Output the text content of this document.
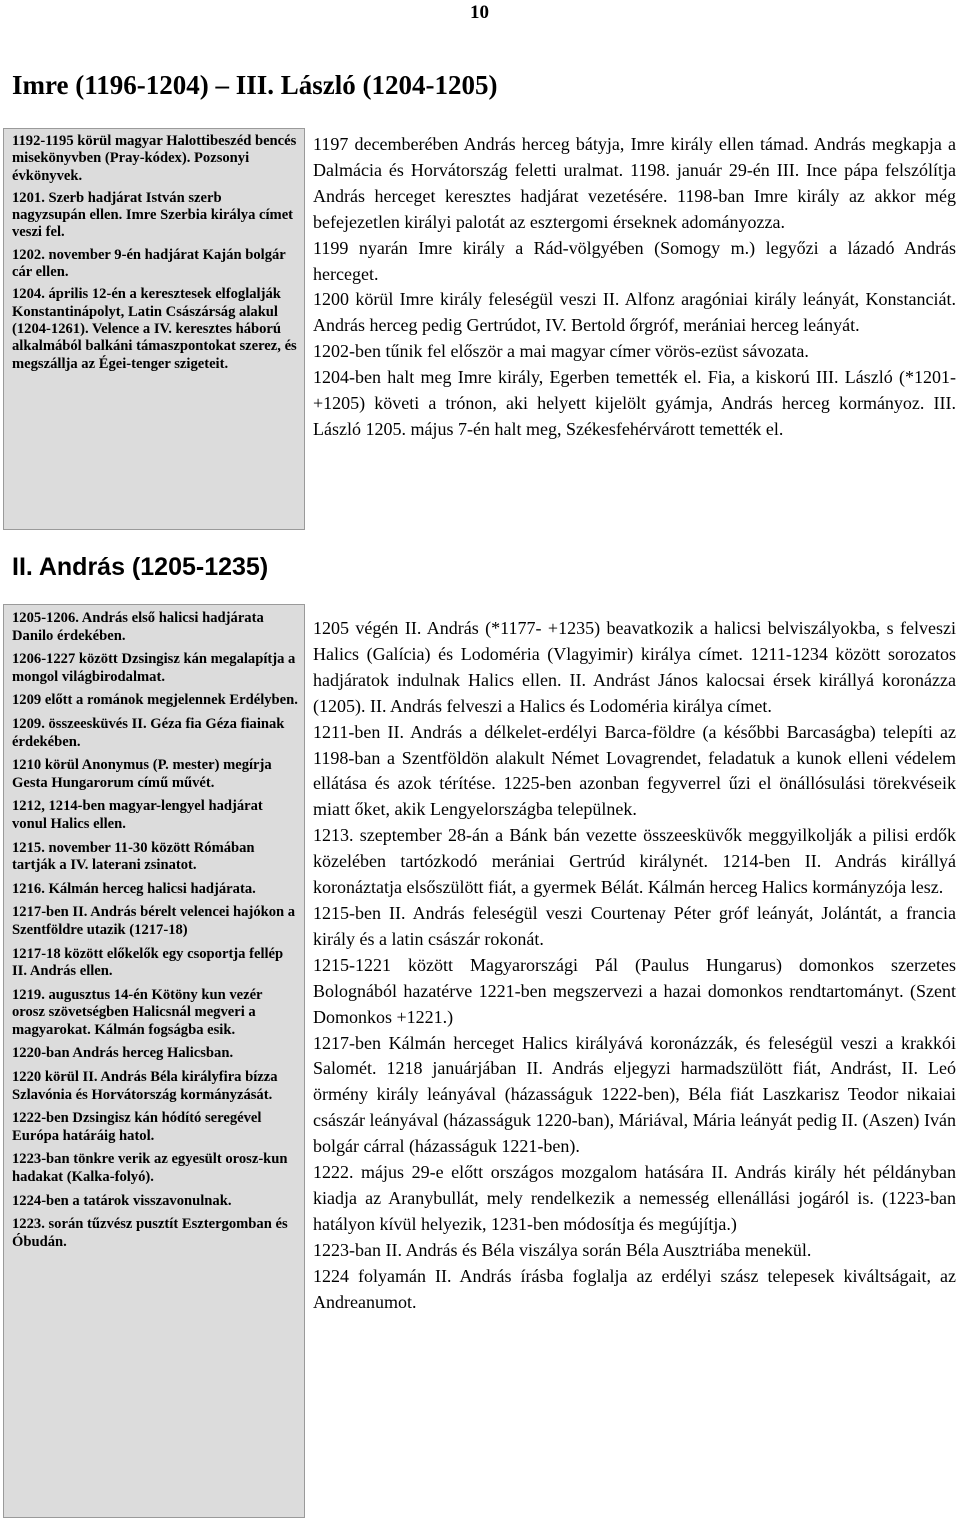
10
Imre (1196-1204) – III. László (1204-1205)

1192-1195 körül magyar Halottibeszéd bencés misekönyvben (Pray-kódex). Pozsonyi évkönyvek.

1201. Szerb hadjárat István szerb nagyzsupán ellen. Imre Szerbia királya címet veszi fel.

1202. november 9-én hadjárat Kaján bolgár cár ellen.

1204. április 12-én a keresztesek elfoglalják Konstantinápolyt, Latin Császárság alakul (1204-1261). Velence a IV. keresztes háború alkalmából balkáni támaszpontokat szerez, és megszállja az Égei-tenger szigeteit.

1197 decemberében András herceg bátyja, Imre király ellen támad. András megkapja a Dalmácia és Horvátország feletti uralmat. 1198. január 29-én III. Ince pápa felszólítja András herceget keresztes hadjárat vezetésére. 1198-ban Imre király az akkor még befejezetlen királyi palotát az esztergomi érseknek adományozza.

1199 nyarán Imre király a Rád-völgyében (Somogy m.) legyőzi a lázadó András herceget.

1200 körül Imre király feleségül veszi II. Alfonz aragóniai király leányát, Konstanciát. András herceg pedig Gertrúdot, IV. Bertold őrgróf, merániai herceg leányát.

1202-ben tűnik fel először a mai magyar címer vörös-ezüst sávozata.

1204-ben halt meg Imre király, Egerben temették el. Fia, a kiskorú III. László (*1201- +1205) követi a trónon, aki helyett kijelölt gyámja, András herceg kormányoz. III. László 1205. május 7-én halt meg, Székesfehérvárott temették el.

II. András (1205-1235)

1205-1206. András első halicsi hadjárata Danilo érdekében.

1206-1227 között Dzsingisz kán megalapítja a mongol világbirodalmat.

1209 előtt a románok megjelennek Erdélyben.

1209. összeesküvés II. Géza fia Géza fiainak érdekében.

1210 körül Anonymus (P. mester) megírja Gesta Hungarorum című művét.

1212, 1214-ben magyar-lengyel hadjárat vonul Halics ellen.

1215. november 11-30 között Rómában tartják a IV. laterani zsinatot.

1216. Kálmán herceg halicsi hadjárata.

1217-ben II. András bérelt velencei hajókon a Szentföldre utazik (1217-18)

1217-18 között előkelők egy csoportja fellép II. András ellen.

1219. augusztus 14-én Kötöny kun vezér orosz szövetségben Halicsnál megveri a magyarokat. Kálmán fogságba esik.

1220-ban András herceg Halicsban.

1220 körül II. András Béla királyfira bízza Szlavónia és Horvátország kormányzását.

1222-ben Dzsingisz kán hódító seregével Európa határáig hatol.

1223-ban tönkre verik az egyesült orosz-kun hadakat (Kalka-folyó).

1224-ben a tatárok visszavonulnak.

1223. során tűzvész pusztít Esztergomban és Óbudán.

1205 végén II. András (*1177- +1235) beavatkozik a halicsi belviszályokba, s felveszi Halics (Galícia) és Lodoméria (Vlagyimir) királya címet. 1211-1234 között sorozatos hadjáratok indulnak Halics ellen. II. Andrást János kalocsai érsek királlyá koronázza (1205). II. András felveszi a Halics és Lodoméria királya címet.

1211-ben II. András a délkelet-erdélyi Barca-földre (a későbbi Barcaságba) telepíti az 1198-ban a Szentföldön alakult Német Lovagrendet, feladatuk a kunok elleni védelem ellátása és azok térítése. 1225-ben azonban fegyverrel űzi el önállósulási törekvéseik miatt őket, akik Lengyelországba települnek.

1213. szeptember 28-án a Bánk bán vezette összeesküvők meggyilkolják a pilisi erdők közelében tartózkodó merániai Gertrúd királynét. 1214-ben II. András királlyá koronáztatja elsőszülött fiát, a gyermek Bélát. Kálmán herceg Halics kormányzója lesz.

1215-ben II. András feleségül veszi Courtenay Péter gróf leányát, Jolántát, a francia király és a latin császár rokonát.

1215-1221 között Magyarországi Pál (Paulus Hungarus) domonkos szerzetes Bolognából hazatérve 1221-ben megszervezi a hazai domonkos rendtartományt. (Szent Domonkos +1221.)

1217-ben Kálmán herceget Halics királyává koronázzák, és feleségül veszi a krakkói Salomét. 1218 januárjában II. András eljegyzi harmadszülött fiát, Andrást, II. Leó örmény király leányával (házasságuk 1222-ben), Béla fiát Laszkarisz Teodor nikaiai császár leányával (házasságuk 1220-ban), Máriával, Mária leányát pedig II. (Aszen) Iván bolgár cárral (házasságuk 1221-ben).

1222. május 29-e előtt országos mozgalom hatására II. András király hét példányban kiadja az Aranybullát, mely rendelkezik a nemesség ellenállási jogáról is. (1223-ban hatályon kívül helyezik, 1231-ben módosítja és megújítja.)

1223-ban II. András és Béla viszálya során Béla Ausztriába menekül.

1224 folyamán II. András írásba foglalja az erdélyi szász telepesek kiváltságait, az Andreanumot.
